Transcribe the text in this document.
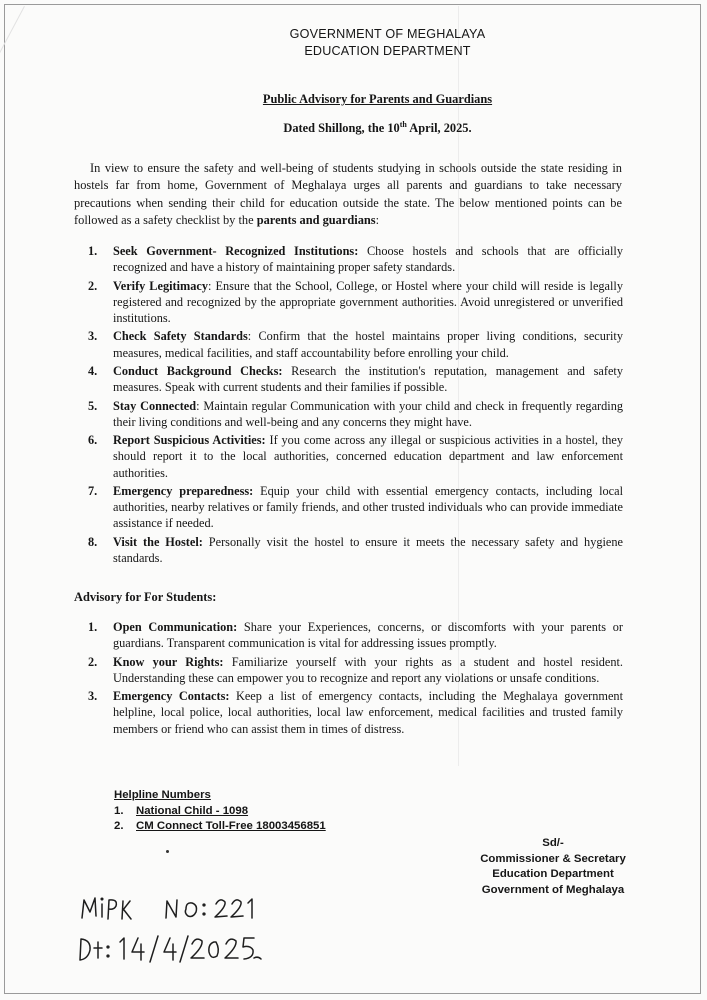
GOVERNMENT OF MEGHALAYA
EDUCATION DEPARTMENT
Public Advisory for Parents and Guardians
Dated Shillong, the 10th April, 2025.
In view to ensure the safety and well-being of students studying in schools outside the state residing in hostels far from home, Government of Meghalaya urges all parents and guardians to take necessary precautions when sending their child for education outside the state. The below mentioned points can be followed as a safety checklist by the parents and guardians:
1. Seek Government- Recognized Institutions: Choose hostels and schools that are officially recognized and have a history of maintaining proper safety standards.
2. Verify Legitimacy: Ensure that the School, College, or Hostel where your child will reside is legally registered and recognized by the appropriate government authorities. Avoid unregistered or unverified institutions.
3. Check Safety Standards: Confirm that the hostel maintains proper living conditions, security measures, medical facilities, and staff accountability before enrolling your child.
4. Conduct Background Checks: Research the institution's reputation, management and safety measures. Speak with current students and their families if possible.
5. Stay Connected: Maintain regular Communication with your child and check in frequently regarding their living conditions and well-being and any concerns they might have.
6. Report Suspicious Activities: If you come across any illegal or suspicious activities in a hostel, they should report it to the local authorities, concerned education department and law enforcement authorities.
7. Emergency preparedness: Equip your child with essential emergency contacts, including local authorities, nearby relatives or family friends, and other trusted individuals who can provide immediate assistance if needed.
8. Visit the Hostel: Personally visit the hostel to ensure it meets the necessary safety and hygiene standards.
Advisory for For Students:
1. Open Communication: Share your Experiences, concerns, or discomforts with your parents or guardians. Transparent communication is vital for addressing issues promptly.
2. Know your Rights: Familiarize yourself with your rights as a student and hostel resident. Understanding these can empower you to recognize and report any violations or unsafe conditions.
3. Emergency Contacts: Keep a list of emergency contacts, including the Meghalaya government helpline, local police, local authorities, local law enforcement, medical facilities and trusted family members or friend who can assist them in times of distress.
Helpline Numbers
1.	National Child - 1098
2.	CM Connect Toll-Free 18003456851
Sd/-
Commissioner & Secretary
Education Department
Government of Meghalaya
